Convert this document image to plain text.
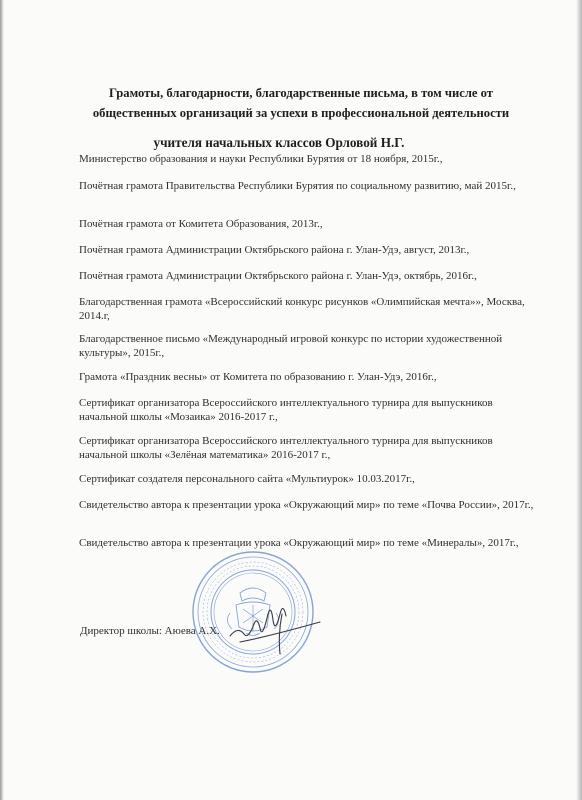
Грамоты, благодарности, благодарственные письма, в том числе от
общественных организаций за успехи в профессиональной деятельности
учителя начальных классов Орловой Н.Г.

Министерство образования и науки Республики Бурятия от 18 ноября, 2015г.,

Почётная грамота Правительства Республики Бурятия по социальному развитию, май 2015г.,

Почётная грамота от Комитета Образования, 2013г.,

Почётная грамота Администрации Октябрьского района г. Улан-Удэ, август, 2013г.,

Почётная грамота Администрации Октябрьского района г. Улан-Удэ, октябрь, 2016г.,

Благодарственная грамота «Всероссийский конкурс рисунков «Олимпийская мечта»», Москва, 2014.г,

Благодарственное письмо «Международный игровой конкурс по истории художественной культуры», 2015г.,

Грамота «Праздник весны» от Комитета по образованию г. Улан-Удэ, 2016г.,

Сертификат организатора Всероссийского интеллектуального турнира для выпускников начальной школы «Мозаика» 2016-2017 г.,

Сертификат организатора Всероссийского интеллектуального турнира для выпускников начальной школы «Зелёная математика» 2016-2017 г.,

Сертификат создателя персонального сайта «Мультиурок» 10.03.2017г.,

Свидетельство автора к презентации урока «Окружающий мир» по теме «Почва России», 2017г.,

Свидетельство автора к презентации урока «Окружающий мир» по теме «Минералы», 2017г.,

Директор школы: Аюева А.Х.
